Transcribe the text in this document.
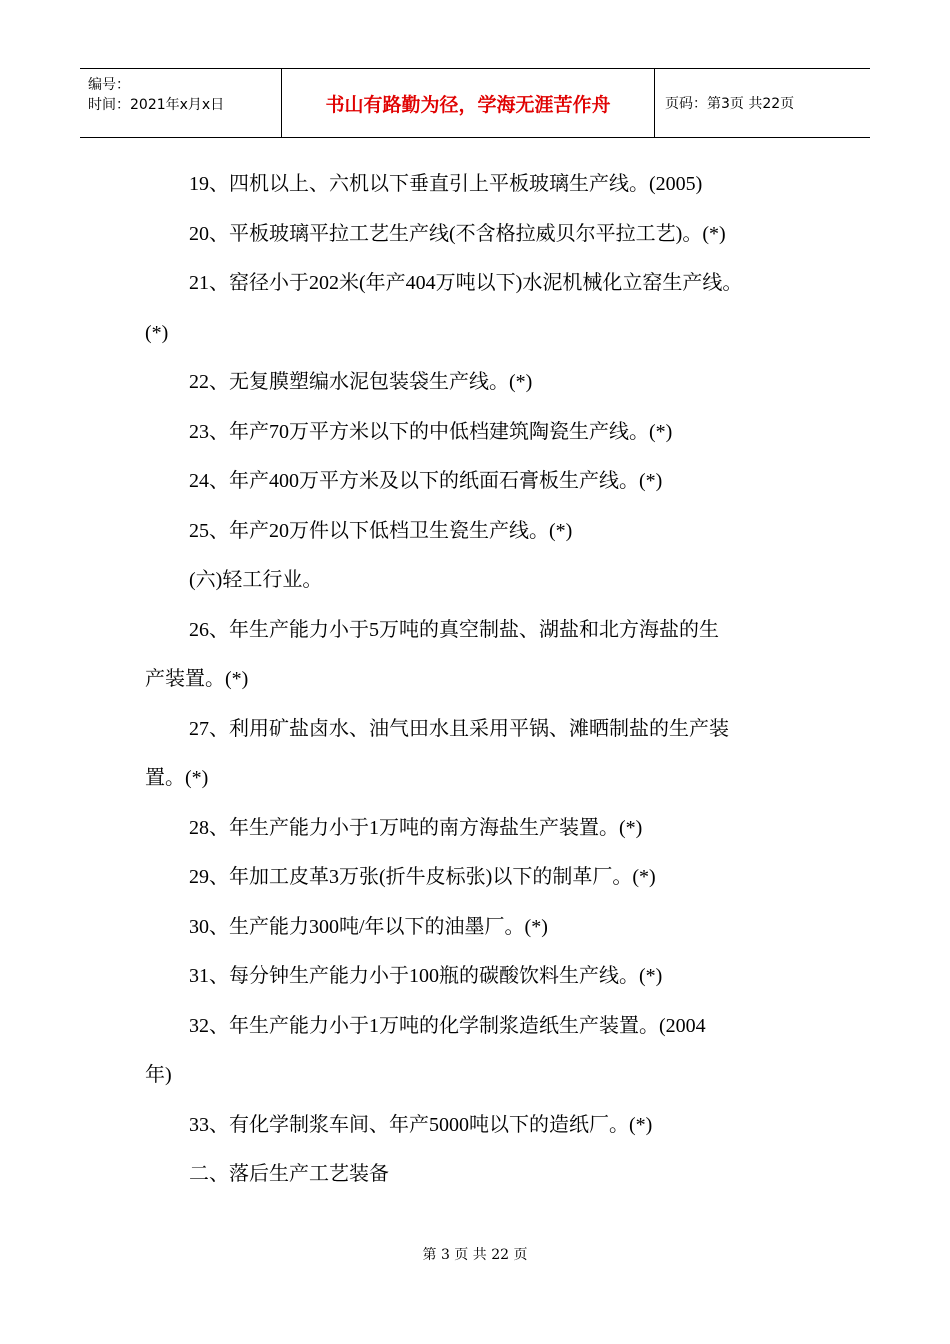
编号：
时间：2021年x月x日	书山有路勤为径，学海无涯苦作舟	页码：第3页 共22页

19、四机以上、六机以下垂直引上平板玻璃生产线。(2005)

20、平板玻璃平拉工艺生产线(不含格拉威贝尔平拉工艺)。(*)

21、窑径小于202米(年产404万吨以下)水泥机械化立窑生产线。

(*)

22、无复膜塑编水泥包装袋生产线。(*)

23、年产70万平方米以下的中低档建筑陶瓷生产线。(*)

24、年产400万平方米及以下的纸面石膏板生产线。(*)

25、年产20万件以下低档卫生瓷生产线。(*)

(六)轻工行业。

26、年生产能力小于5万吨的真空制盐、湖盐和北方海盐的生

产装置。(*)

27、利用矿盐卤水、油气田水且采用平锅、滩晒制盐的生产装

置。(*)

28、年生产能力小于1万吨的南方海盐生产装置。(*)

29、年加工皮革3万张(折牛皮标张)以下的制革厂。(*)

30、生产能力300吨/年以下的油墨厂。(*)

31、每分钟生产能力小于100瓶的碳酸饮料生产线。(*)

32、年生产能力小于1万吨的化学制浆造纸生产装置。(2004

年)

33、有化学制浆车间、年产5000吨以下的造纸厂。(*)

二、落后生产工艺装备

第 3 页 共 22 页
